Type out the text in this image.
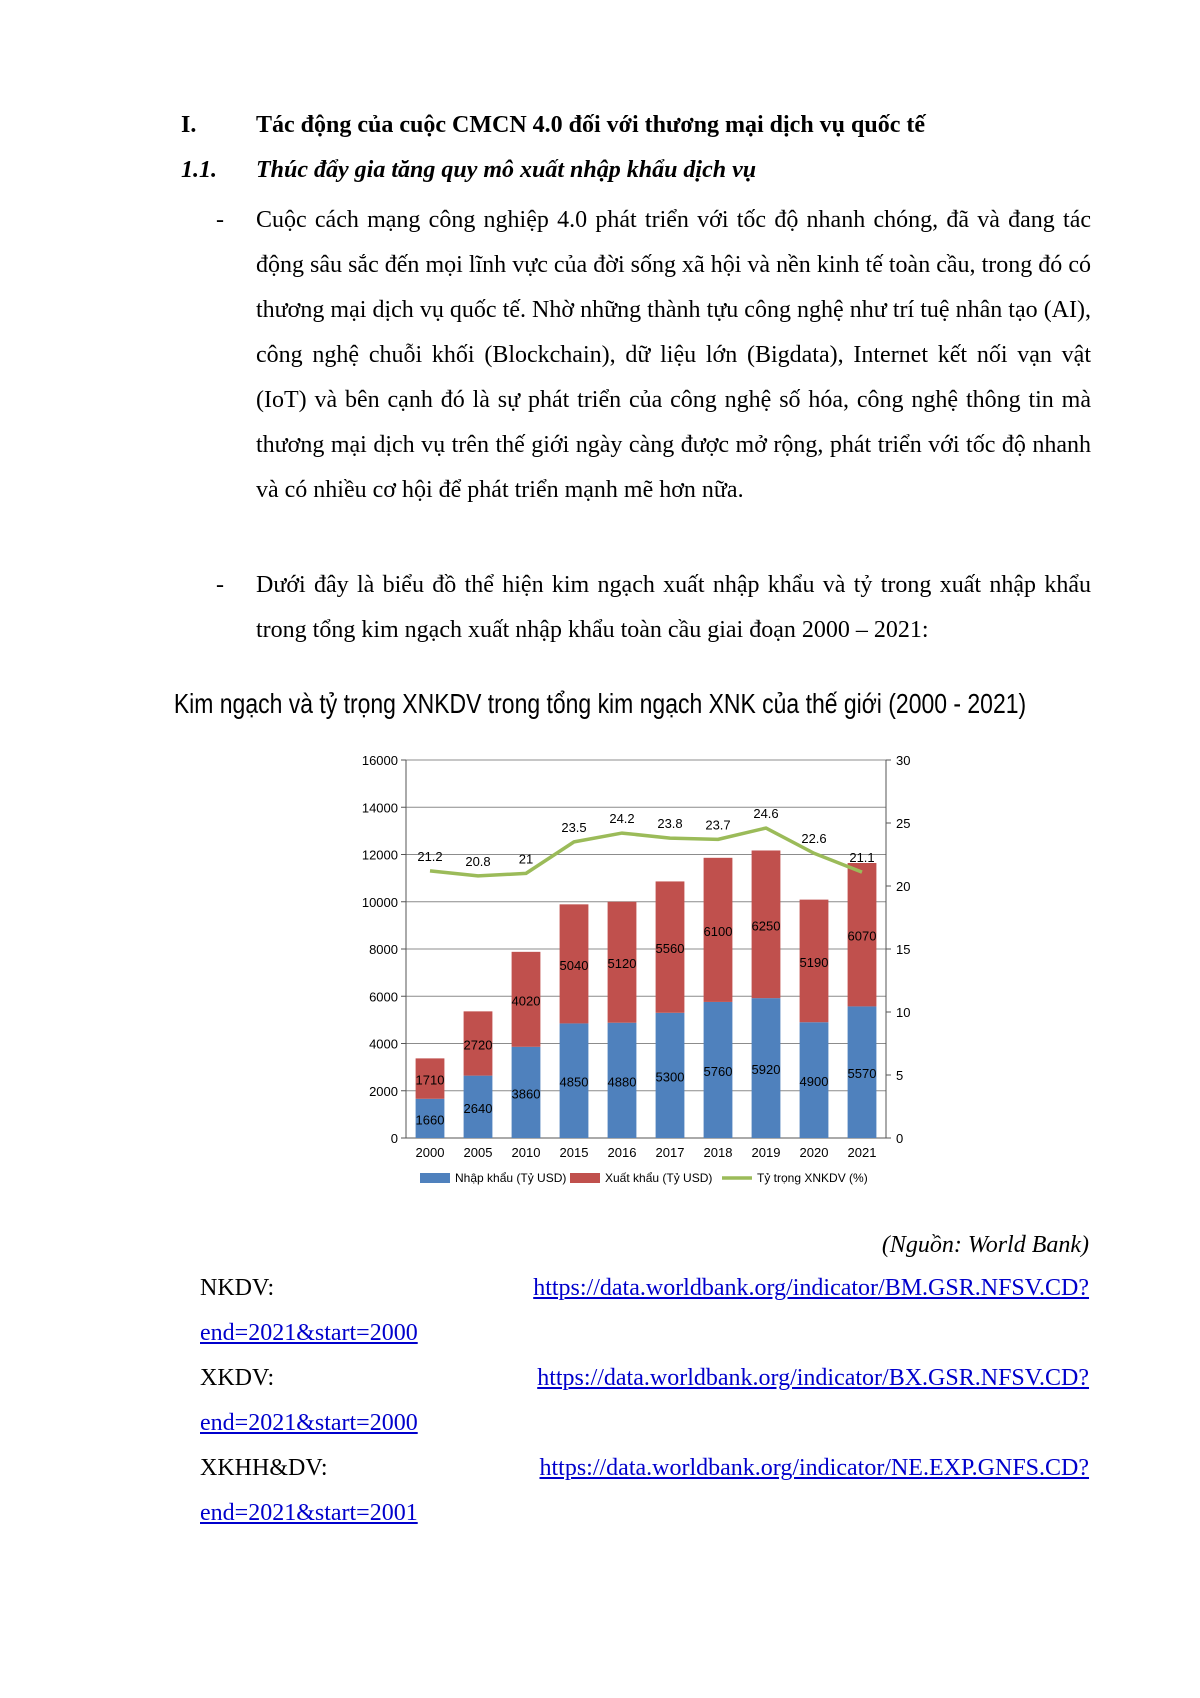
I. Tác động của cuộc CMCN 4.0 đối với thương mại dịch vụ quốc tế
1.1. Thúc đẩy gia tăng quy mô xuất nhập khẩu dịch vụ
- Cuộc cách mạng công nghiệp 4.0 phát triển với tốc độ nhanh chóng, đã và đang tác động sâu sắc đến mọi lĩnh vực của đời sống xã hội và nền kinh tế toàn cầu, trong đó có thương mại dịch vụ quốc tế. Nhờ những thành tựu công nghệ như trí tuệ nhân tạo (AI), công nghệ chuỗi khối (Blockchain), dữ liệu lớn (Bigdata), Internet kết nối vạn vật (IoT) và bên cạnh đó là sự phát triển của công nghệ số hóa, công nghệ thông tin mà thương mại dịch vụ trên thế giới ngày càng được mở rộng, phát triển với tốc độ nhanh và có nhiều cơ hội để phát triển mạnh mẽ hơn nữa.
- Dưới đây là biểu đồ thể hiện kim ngạch xuất nhập khẩu và tỷ trong xuất nhập khẩu trong tổng kim ngạch xuất nhập khẩu toàn cầu giai đoạn 2000 – 2021:
Kim ngạch và tỷ trọng XNKDV trong tổng kim ngạch XNK của thế giới (2000 - 2021)
0
2000
4000
6000
8000
10000
12000
14000
16000
0
5
10
15
20
25
30
1660
1710
2000
2640
2720
2005
3860
4020
2010
4850
5040
2015
4880
5120
2016
5300
5560
2017
5760
6100
2018
5920
6250
2019
4900
5190
2020
5570
6070
2021
21.2 20.8 21
23.5
24.2 23.8 23.7
24.6
22.6
21.1
Nhập khẩu (Tỷ USD)	Xuất khẩu (Tỷ USD)	Tỷ trọng XNKDV (%)
(Nguồn: World Bank)
NKDV:	https://data.worldbank.org/indicator/BM.GSR.NFSV.CD?
end=2021&start=2000
XKDV:	https://data.worldbank.org/indicator/BX.GSR.NFSV.CD?
end=2021&start=2000
XKHH&DV:	https://data.worldbank.org/indicator/NE.EXP.GNFS.CD?
end=2021&start=2001
